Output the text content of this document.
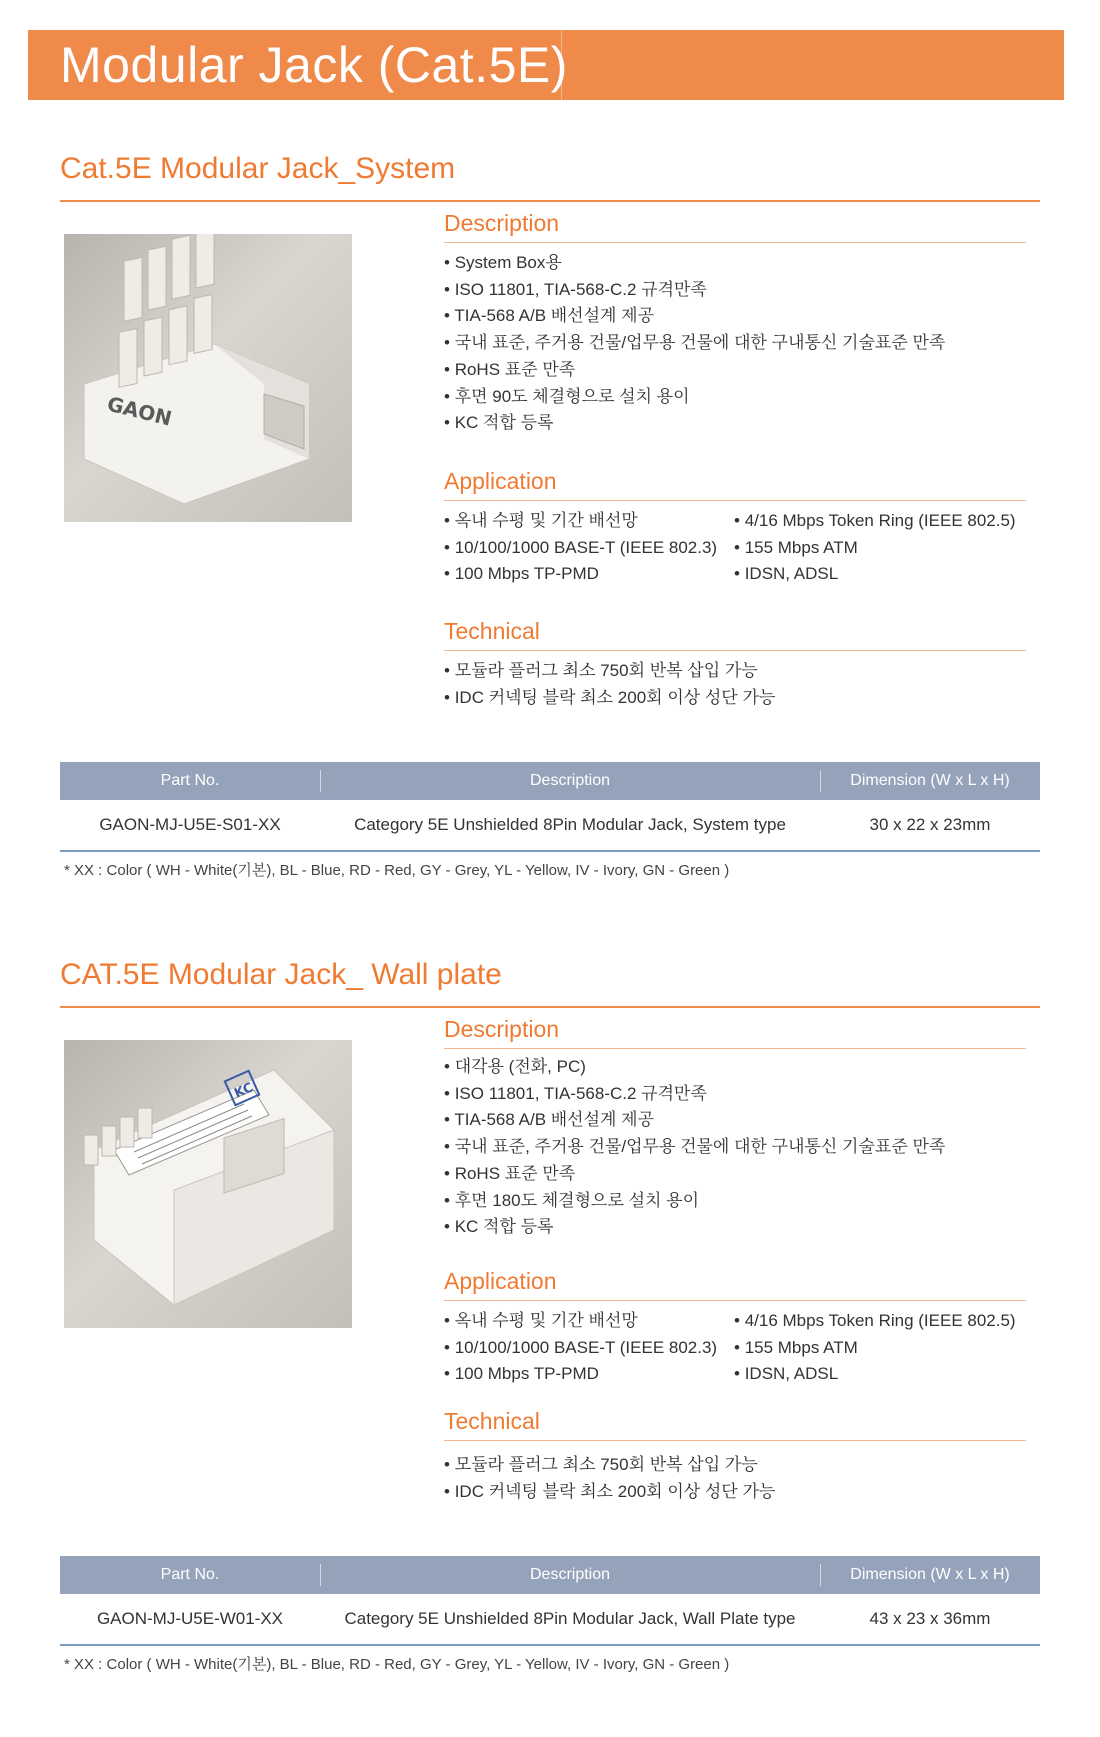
Modular Jack (Cat.5E)
Cat.5E Modular Jack_System
GAON
Description
• System Box용
• ISO 11801, TIA-568-C.2 규격만족
• TIA-568 A/B 배선설계 제공
• 국내 표준, 주거용 건물/업무용 건물에 대한 구내통신 기술표준 만족
• RoHS 표준 만족
• 후면 90도 체결형으로 설치 용이
• KC 적합 등록
Application
• 옥내 수평 및 기간 배선망
• 10/100/1000 BASE-T (IEEE 802.3)
• 100 Mbps TP-PMD
• 4/16 Mbps Token Ring (IEEE 802.5)
• 155 Mbps ATM
• IDSN, ADSL
Technical
• 모듈라 플러그 최소 750회 반복 삽입 가능
• IDC 커넥팅 블락 최소 200회 이상 성단 가능
Part No.	Description	Dimension (W x L x H)
GAON-MJ-U5E-S01-XX	Category 5E Unshielded 8Pin Modular Jack, System type	30 x 22 x 23mm
* XX : Color ( WH - White(기본), BL - Blue, RD - Red, GY - Grey, YL - Yellow, IV - Ivory, GN - Green )
CAT.5E Modular Jack_ Wall plate
KC
Description
• 대각용 (전화, PC)
• ISO 11801, TIA-568-C.2 규격만족
• TIA-568 A/B 배선설계 제공
• 국내 표준, 주거용 건물/업무용 건물에 대한 구내통신 기술표준 만족
• RoHS 표준 만족
• 후면 180도 체결형으로 설치 용이
• KC 적합 등록
Application
• 옥내 수평 및 기간 배선망
• 10/100/1000 BASE-T (IEEE 802.3)
• 100 Mbps TP-PMD
• 4/16 Mbps Token Ring (IEEE 802.5)
• 155 Mbps ATM
• IDSN, ADSL
Technical
• 모듈라 플러그 최소 750회 반복 삽입 가능
• IDC 커넥팅 블락 최소 200회 이상 성단 가능
Part No.	Description	Dimension (W x L x H)
GAON-MJ-U5E-W01-XX	Category 5E Unshielded 8Pin Modular Jack, Wall Plate type	43 x 23 x 36mm
* XX : Color ( WH - White(기본), BL - Blue, RD - Red, GY - Grey, YL - Yellow, IV - Ivory, GN - Green )
